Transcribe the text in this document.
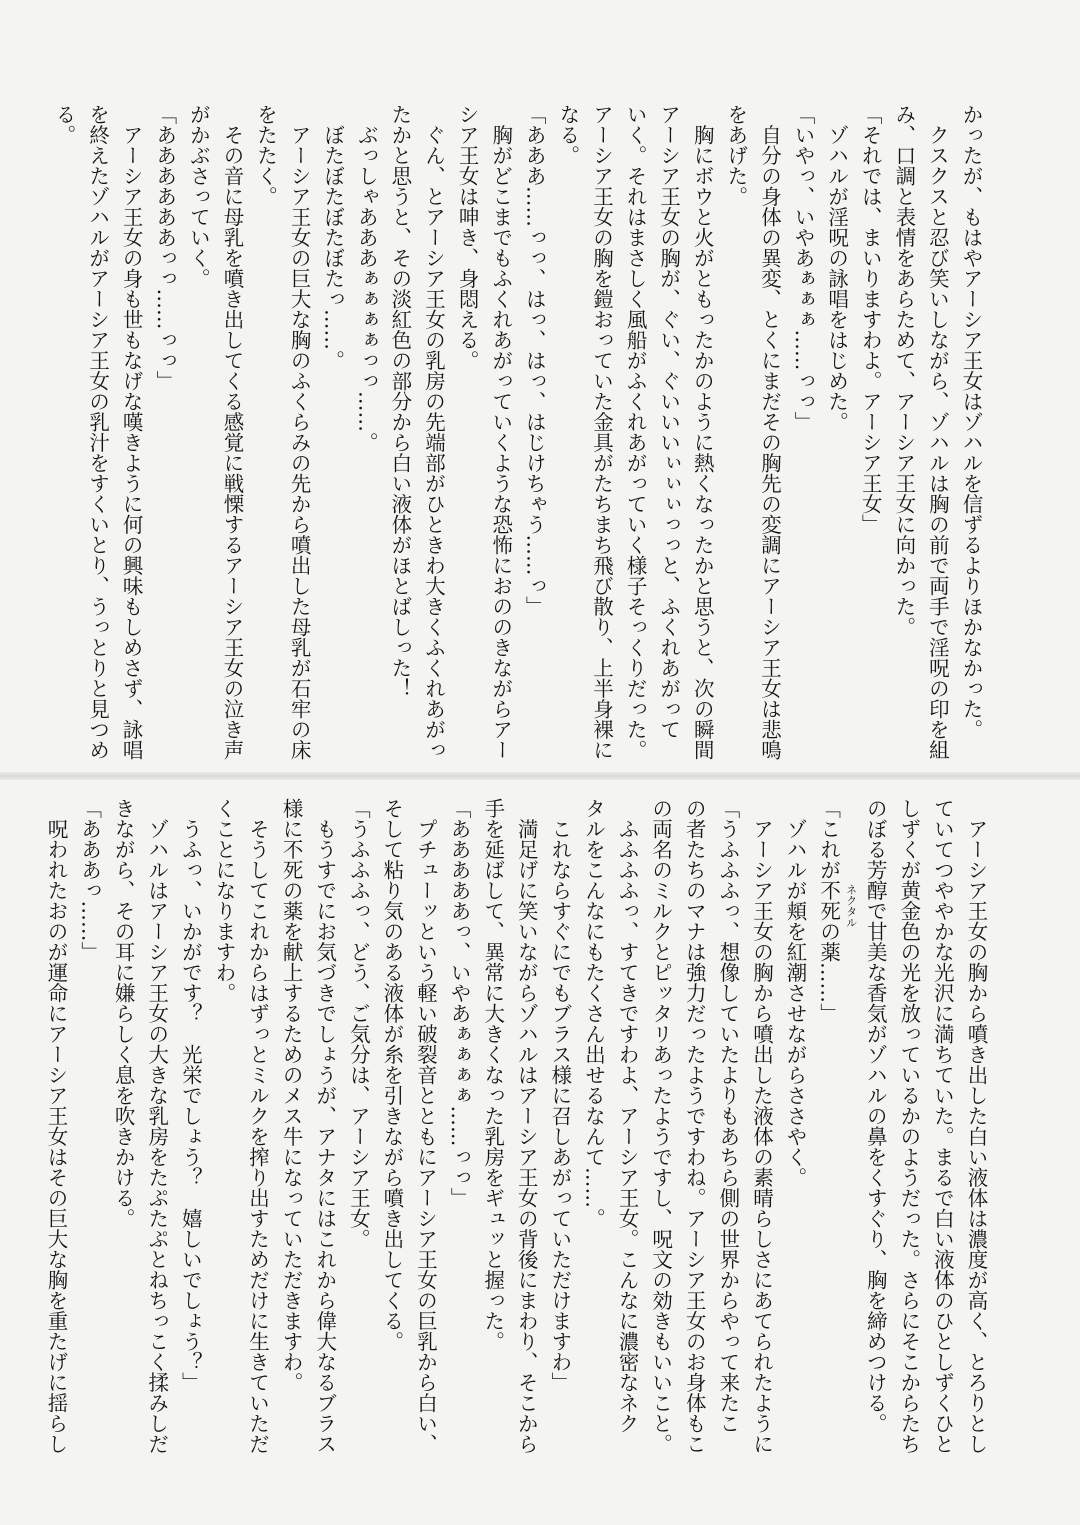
かったが、もはやアーシア王女はゾハルを信ずるよりほかなかった。
　クスクスと忍び笑いしながら、ゾハルは胸の前で両手で淫呪の印を組
み、口調と表情をあらためて、アーシア王女に向かった。
「それでは、まいりますわよ。アーシア王女」
　ゾハルが淫呪の詠唱をはじめた。
「いやっ、いやあぁぁぁ……っっ」
　自分の身体の異変、とくにまだその胸先の変調にアーシア王女は悲鳴
をあげた。
　胸にボウと火がともったかのように熱くなったかと思うと、次の瞬間
アーシア王女の胸が、ぐい、ぐいいいぃぃぃっっと、ふくれあがって
いく。それはまさしく風船がふくれあがっていく様子そっくりだった。
アーシア王女の胸を鎧おっていた金具がたちまち飛び散り、上半身裸に
なる。
「あああ……っっ、はっ、はっ、はじけちゃう……っ」
　胸がどこまでもふくれあがっていくような恐怖におののきながらアー
シア王女は呻き、身悶える。
　ぐん、とアーシア王女の乳房の先端部がひときわ大きくふくれあがっ
たかと思うと、その淡紅色の部分から白い液体がほとばしった！
　ぶっしゃあああぁぁぁぁっっ……。
　ぼたぼたぼたぼたっ……。
　アーシア王女の巨大な胸のふくらみの先から噴出した母乳が石牢の床
をたたく。
　その音に母乳を噴き出してくる感覚に戦慄するアーシア王女の泣き声
がかぶさっていく。
「ああああああっっ……っっ」
　アーシア王女の身も世もなげな嘆きように何の興味もしめさず、詠唱
を終えたゾハルがアーシア王女の乳汁をすくいとり、うっとりと見つめ
る。
　アーシア王女の胸から噴き出した白い液体は濃度が高く、とろりとし
ていてつややかな光沢に満ちていた。まるで白い液体のひとしずくひと
しずくが黄金色の光を放っているかのようだった。さらにそこからたち
のぼる芳醇で甘美な香気がゾハルの鼻をくすぐり、胸を締めつける。
ネクタル
「これが不死の薬……」
　ゾハルが頬を紅潮させながらささやく。
　アーシア王女の胸から噴出した液体の素晴らしさにあてられたように
「うふふふっ、想像していたよりもあちら側の世界からやって来たこ
の者たちのマナは強力だったようですわね。アーシア王女のお身体もこ
の両名のミルクとピッタリあったようですし、呪文の効きもいいこと。
　ふふふふっ、すてきですわよ、アーシア王女。こんなに濃密なネク
タルをこんなにもたくさん出せるなんて……。
　これならすぐにでもブラス様に召しあがっていただけますわ」
　満足げに笑いながらゾハルはアーシア王女の背後にまわり、そこから
手を延ばして、異常に大きくなった乳房をギュッと握った。
「あああああっ、いやあぁぁぁぁ……っっ」
　プチューッという軽い破裂音とともにアーシア王女の巨乳から白い、
そして粘り気のある液体が糸を引きながら噴き出してくる。
「うふふふっ、どう、ご気分は、アーシア王女。
　もうすでにお気づきでしょうが、アナタにはこれから偉大なるブラス
様に不死の薬を献上するためのメス牛になっていただきますわ。
　そうしてこれからはずっとミルクを搾り出すためだけに生きていただ
くことになりますわ。
　うふっ、いかがです？　光栄でしょう？　嬉しいでしょう？」
　ゾハルはアーシア王女の大きな乳房をたぷたぷとねちっこく揉みしだ
きながら、その耳に嫌らしく息を吹きかける。
「あああっ……」
　呪われたおのが運命にアーシア王女はその巨大な胸を重たげに揺らし
